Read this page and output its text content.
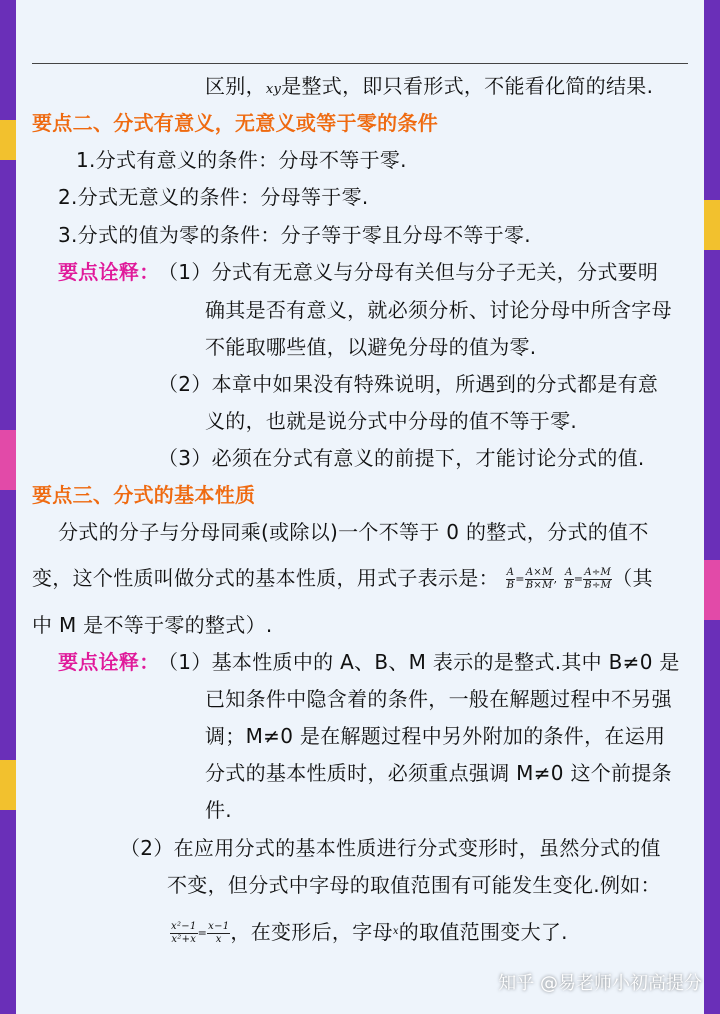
区别，xy是整式，即只看形式，不能看化简的结果.
要点二、分式有意义，无意义或等于零的条件
1.分式有意义的条件：分母不等于零.
2.分式无意义的条件：分母等于零.
3.分式的值为零的条件：分子等于零且分母不等于零.
要点诠释：
（1）分式有无意义与分母有关但与分子无关，分式要明
确其是否有意义，就必须分析、讨论分母中所含字母
不能取哪些值，以避免分母的值为零.
（2）本章中如果没有特殊说明，所遇到的分式都是有意
义的，也就是说分式中分母的值不等于零.
（3）必须在分式有意义的前提下，才能讨论分式的值.
要点三、分式的基本性质
分式的分子与分母同乘(或除以)一个不等于 0 的整式，分式的值不
变，这个性质叫做分式的基本性质，用式子表示是： $\frac{A}{B} = \frac{A\times M}{B\times M}$ , $\frac{A}{B} = \frac{A\div M}{B\div M}$ （其
中 M 是不等于零的整式）.
要点诠释：
（1）基本性质中的 A、B、M 表示的是整式.其中 B≠0 是
已知条件中隐含着的条件，一般在解题过程中不另强
调；M≠0 是在解题过程中另外附加的条件，在运用
分式的基本性质时，必须重点强调 M≠0 这个前提条
件.
（2）在应用分式的基本性质进行分式变形时，虽然分式的值
不变，但分式中字母的取值范围有可能发生变化.例如：
$\frac{\text{x²−1}}{\text{x²+x}} = \frac{x-1}{x}$ ，在变形后，字母$^x$的取值范围变大了.
知乎 @易老师小初高提分
